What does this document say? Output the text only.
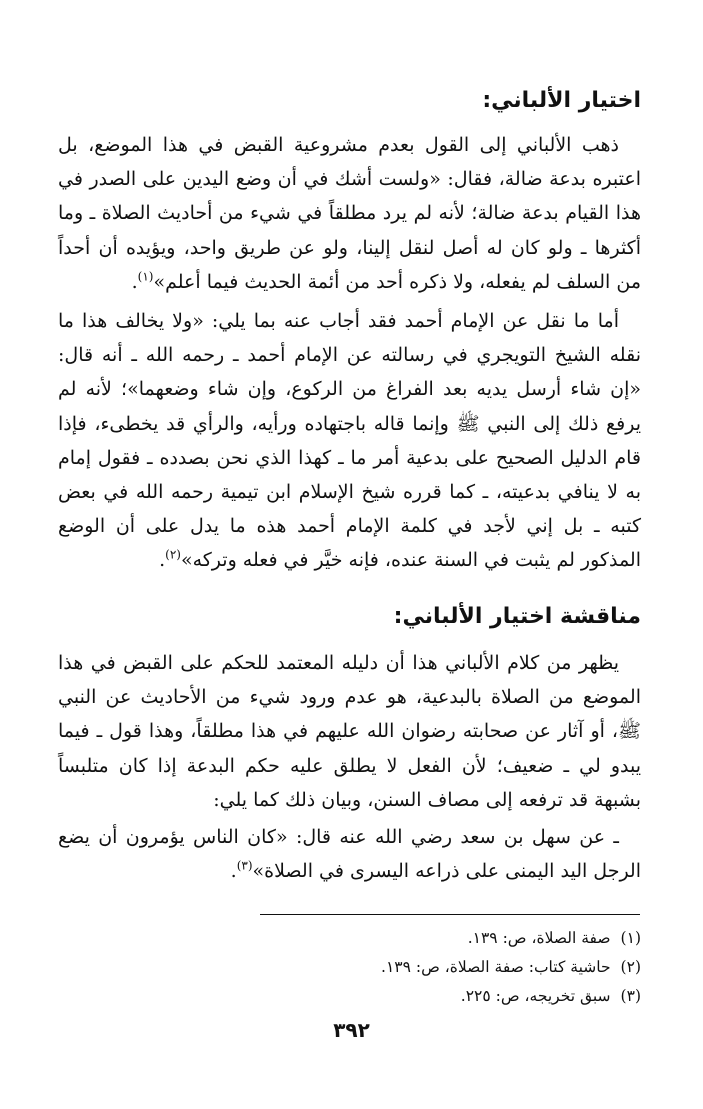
اختيار الألباني:

ذهب الألباني إلى القول بعدم مشروعية القبض في هذا الموضع، بل اعتبره بدعة ضالة، فقال: «ولست أشك في أن وضع اليدين على الصدر في هذا القيام بدعة ضالة؛ لأنه لم يرد مطلقاً في شيء من أحاديث الصلاة ـ وما أكثرها ـ ولو كان له أصل لنقل إلينا، ولو عن طريق واحد، ويؤيده أن أحداً من السلف لم يفعله، ولا ذكره أحد من أئمة الحديث فيما أعلم»$^{(١)}$.

أما ما نقل عن الإمام أحمد فقد أجاب عنه بما يلي: «ولا يخالف هذا ما نقله الشيخ التويجري في رسالته عن الإمام أحمد ـ رحمه الله ـ أنه قال: «إن شاء أرسل يديه بعد الفراغ من الركوع، وإن شاء وضعهما»؛ لأنه لم يرفع ذلك إلى النبي ﷺ وإنما قاله باجتهاده ورأيه، والرأي قد يخطىء، فإذا قام الدليل الصحيح على بدعية أمر ما ـ كهذا الذي نحن بصدده ـ فقول إمام به لا ينافي بدعيته، ـ كما قرره شيخ الإسلام ابن تيمية رحمه الله في بعض كتبه ـ بل إني لأجد في كلمة الإمام أحمد هذه ما يدل على أن الوضع المذكور لم يثبت في السنة عنده، فإنه خيَّر في فعله وتركه»$^{(٢)}$.

مناقشة اختيار الألباني:

يظهر من كلام الألباني هذا أن دليله المعتمد للحكم على القبض في هذا الموضع من الصلاة بالبدعية، هو عدم ورود شيء من الأحاديث عن النبي ﷺ، أو آثار عن صحابته رضوان الله عليهم في هذا مطلقاً، وهذا قول ـ فيما يبدو لي ـ ضعيف؛ لأن الفعل لا يطلق عليه حكم البدعة إذا كان متلبساً بشبهة قد ترفعه إلى مصاف السنن، وبيان ذلك كما يلي:

ـ عن سهل بن سعد رضي الله عنه قال: «كان الناس يؤمرون أن يضع الرجل اليد اليمنى على ذراعه اليسرى في الصلاة»$^{(٣)}$.

(١)صفة الصلاة، ص: ١٣٩.
(٢)حاشية كتاب: صفة الصلاة، ص: ١٣٩.
(٣)سبق تخريجه، ص: ٢٢٥.
٣٩٢
